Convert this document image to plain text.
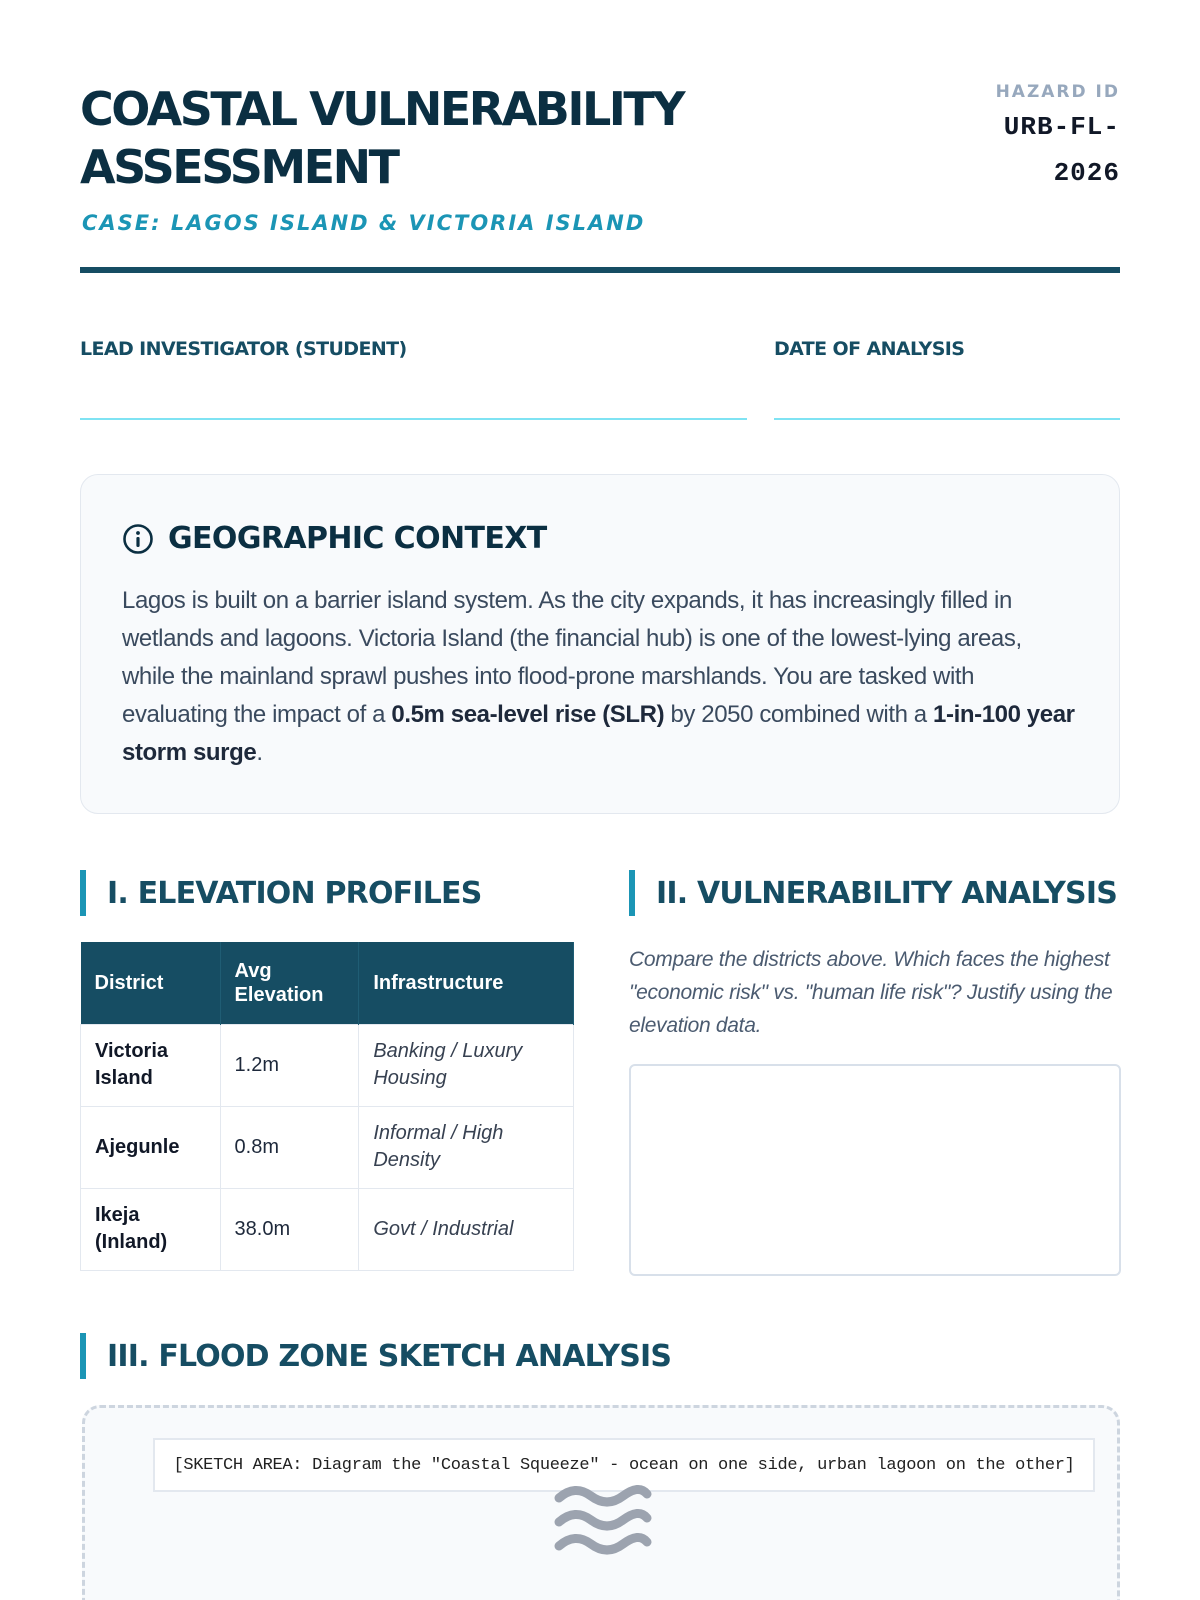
COASTAL VULNERABILITY
ASSESSMENT
CASE: LAGOS ISLAND & VICTORIA ISLAND
HAZARD ID
URB-FL-2026
LEAD INVESTIGATOR (STUDENT)	DATE OF ANALYSIS
GEOGRAPHIC CONTEXT

Lagos is built on a barrier island system. As the city expands, it has increasingly filled in wetlands and lagoons. Victoria Island (the financial hub) is one of the lowest-lying areas, while the mainland sprawl pushes into flood-prone marshlands. You are tasked with evaluating the impact of a 0.5m sea-level rise (SLR) by 2050 combined with a 1-in-100 year storm surge.

I. ELEVATION PROFILES
District	Avg Elevation	Infrastructure
Victoria Island	1.2m	Banking / Luxury Housing
Ajegunle	0.8m	Informal / High Density
Ikeja (Inland)	38.0m	Govt / Industrial
II. VULNERABILITY ANALYSIS

Compare the districts above. Which faces the highest "economic risk" vs. "human life risk"? Justify using the elevation data.

III. FLOOD ZONE SKETCH ANALYSIS
[SKETCH AREA: Diagram the "Coastal Squeeze" - ocean on one side, urban lagoon on the other]
